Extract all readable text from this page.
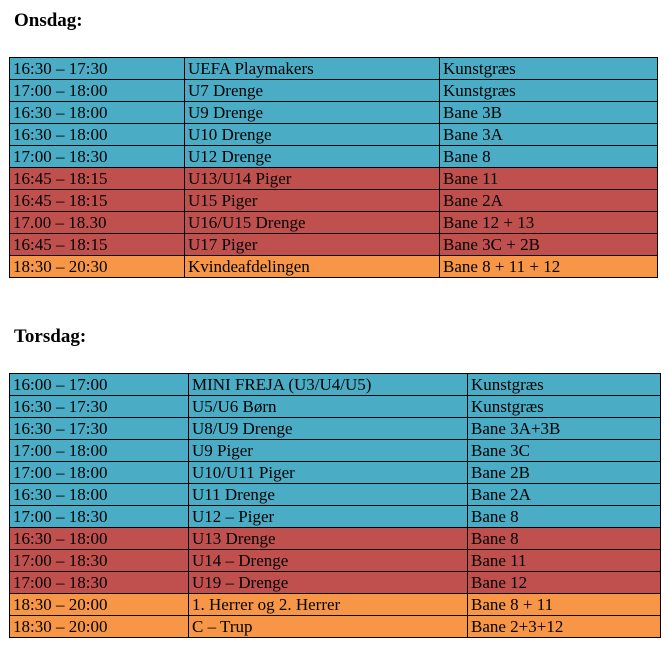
Onsdag:
16:30 – 17:30	UEFA Playmakers	Kunstgræs
17:00 – 18:00	U7 Drenge	Kunstgræs
16:30 – 18:00	U9 Drenge	Bane 3B
16:30 – 18:00	U10 Drenge	Bane 3A
17:00 – 18:30	U12 Drenge	Bane 8
16:45 – 18:15	U13/U14 Piger	Bane 11
16:45 – 18:15	U15 Piger	Bane 2A
17.00 – 18.30	U16/U15 Drenge	Bane 12 + 13
16:45 – 18:15	U17 Piger	Bane 3C + 2B
18:30 – 20:30	Kvindeafdelingen	Bane 8 + 11 + 12
Torsdag:
16:00 – 17:00	MINI FREJA (U3/U4/U5)	Kunstgræs
16:30 – 17:30	U5/U6 Børn	Kunstgræs
16:30 – 17:30	U8/U9 Drenge	Bane 3A+3B
17:00 – 18:00	U9 Piger	Bane 3C
17:00 – 18:00	U10/U11 Piger	Bane 2B
16:30 – 18:00	U11 Drenge	Bane 2A
17:00 – 18:30	U12 – Piger	Bane 8
16:30 – 18:00	U13 Drenge	Bane 8
17:00 – 18:30	U14 – Drenge	Bane 11
17:00 – 18:30	U19 – Drenge	Bane 12
18:30 – 20:00	1. Herrer og 2. Herrer	Bane 8 + 11
18:30 – 20:00	C – Trup	Bane 2+3+12
